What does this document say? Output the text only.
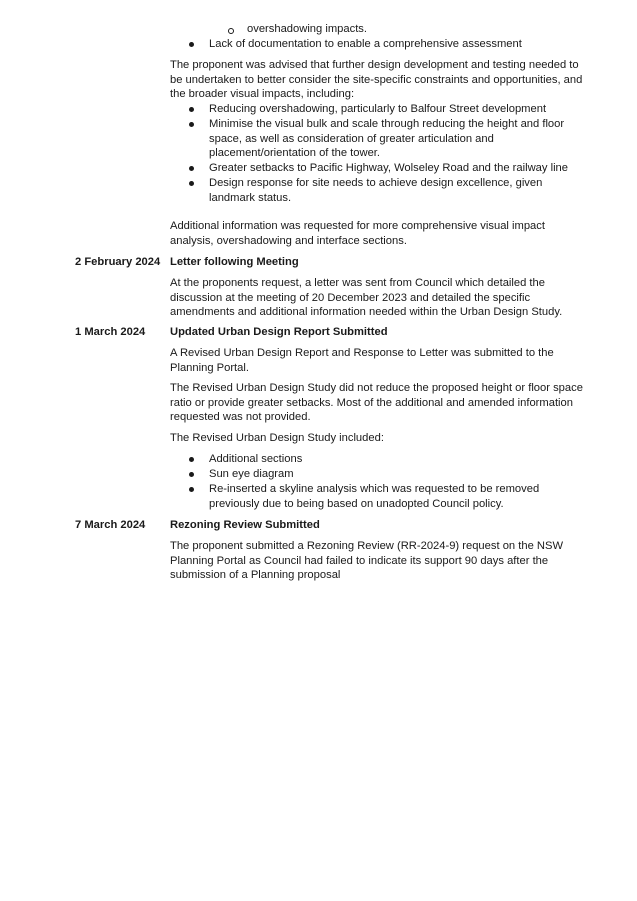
overshadowing impacts.
Lack of documentation to enable a comprehensive assessment
The proponent was advised that further design development and testing needed to be undertaken to better consider the site-specific constraints and opportunities, and the broader visual impacts, including:
Reducing overshadowing, particularly to Balfour Street development
Minimise the visual bulk and scale through reducing the height and floor space, as well as consideration of greater articulation and placement/orientation of the tower.
Greater setbacks to Pacific Highway, Wolseley Road and the railway line
Design response for site needs to achieve design excellence, given landmark status.
Additional information was requested for more comprehensive visual impact analysis, overshadowing and interface sections.
2 February 2024 Letter following Meeting
At the proponents request, a letter was sent from Council which detailed the discussion at the meeting of 20 December 2023 and detailed the specific amendments and additional information needed within the Urban Design Study.
1 March 2024 Updated Urban Design Report Submitted
A Revised Urban Design Report and Response to Letter was submitted to the Planning Portal.
The Revised Urban Design Study did not reduce the proposed height or floor space ratio or provide greater setbacks. Most of the additional and amended information requested was not provided.
The Revised Urban Design Study included:
Additional sections
Sun eye diagram
Re-inserted a skyline analysis which was requested to be removed previously due to being based on unadopted Council policy.
7 March 2024 Rezoning Review Submitted
The proponent submitted a Rezoning Review (RR-2024-9) request on the NSW Planning Portal as Council had failed to indicate its support 90 days after the submission of a Planning proposal
